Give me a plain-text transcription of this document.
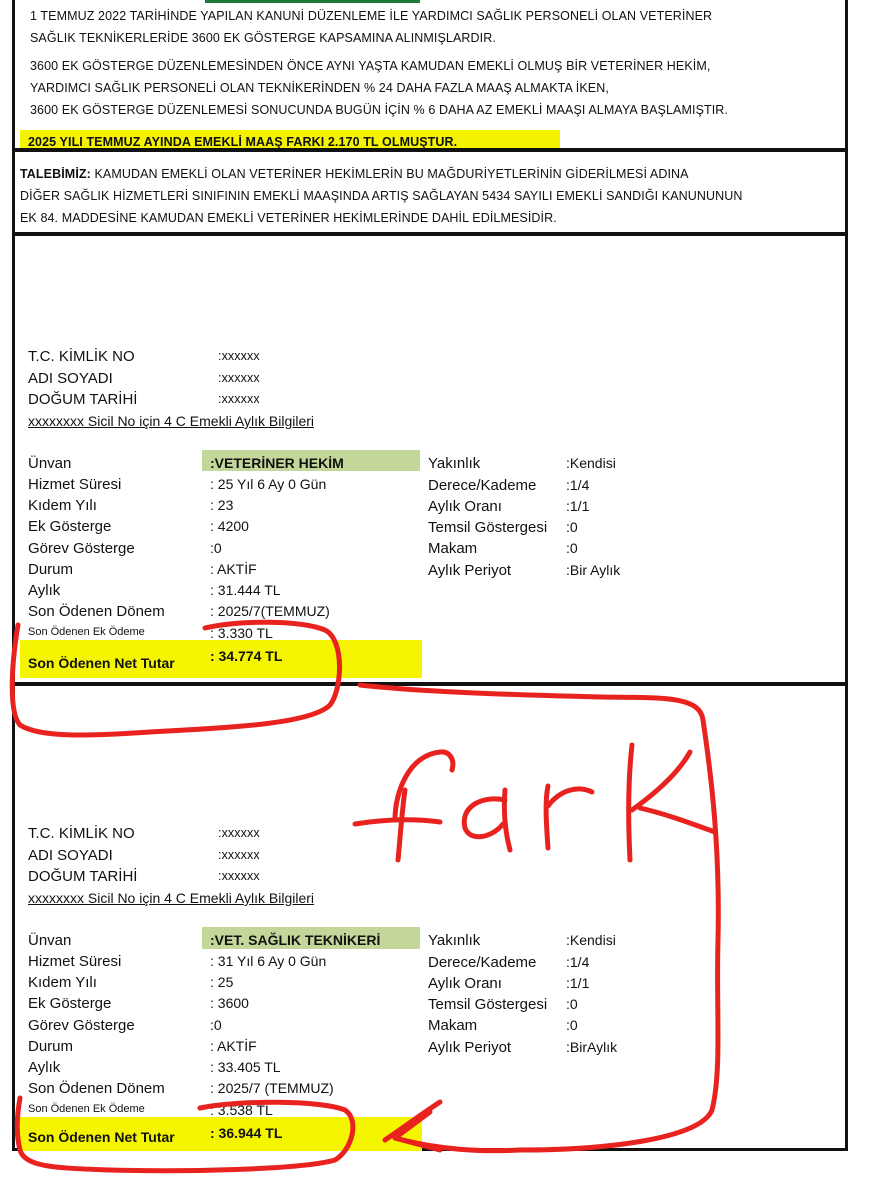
1 TEMMUZ 2022 TARİHİNDE YAPILAN KANUNİ DÜZENLEME İLE YARDIMCI SAĞLIK PERSONELİ OLAN VETERİNER
SAĞLIK TEKNİKERLERİDE 3600 EK GÖSTERGE KAPSAMINA ALINMIŞLARDIR.
3600 EK GÖSTERGE DÜZENLEMESİNDEN ÖNCE AYNI YAŞTA KAMUDAN EMEKLİ OLMUŞ BİR VETERİNER HEKİM,
YARDIMCI SAĞLIK PERSONELİ OLAN TEKNİKERİNDEN % 24 DAHA FAZLA MAAŞ ALMAKTA İKEN,
3600 EK GÖSTERGE DÜZENLEMESİ SONUCUNDA BUGÜN İÇİN % 6 DAHA AZ EMEKLİ MAAŞI ALMAYA BAŞLAMIŞTIR.
2025 YILI TEMMUZ AYINDA EMEKLİ MAAŞ FARKI 2.170 TL OLMUŞTUR.
TALEBİMİZ: KAMUDAN EMEKLİ OLAN VETERİNER HEKİMLERİN BU MAĞDURİYETLERİNİN GİDERİLMESİ ADINA
DİĞER SAĞLIK HİZMETLERİ SINIFININ EMEKLİ MAAŞINDA ARTIŞ SAĞLAYAN 5434 SAYILI EMEKLİ SANDIĞI KANUNUNUN
EK 84. MADDESİNE KAMUDAN EMEKLİ VETERİNER HEKİMLERİNDE DAHİL EDİLMESİDİR.
T.C. KİMLİK NO	:xxxxxx
ADI SOYADI	:xxxxxx
DOĞUM TARİHİ	:xxxxxx
xxxxxxxx Sicil No için 4 C Emekli Aylık Bilgileri
Ünvan	:VETERİNER HEKİM
Hizmet Süresi	: 25 Yıl 6 Ay 0 Gün
Kıdem Yılı	: 23
Ek Gösterge	: 4200
Görev Gösterge	:0
Durum	: AKTİF
Aylık	: 31.444 TL
Son Ödenen Dönem	: 2025/7(TEMMUZ)
Son Ödenen Ek Ödeme	: 3.330 TL
Son Ödenen Net Tutar	: 34.774 TL
Yakınlık	:Kendisi
Derece/Kademe :1/4
Aylık Oranı	:1/1
Temsil Göstergesi :0
Makam	:0
Aylık Periyot	:Bir Aylık
T.C. KİMLİK NO	:xxxxxx
ADI SOYADI	:xxxxxx
DOĞUM TARİHİ	:xxxxxx
xxxxxxxx Sicil No için 4 C Emekli Aylık Bilgileri
Ünvan	:VET. SAĞLIK TEKNİKERİ
Hizmet Süresi	: 31 Yıl 6 Ay 0 Gün
Kıdem Yılı	: 25
Ek Gösterge	: 3600
Görev Gösterge	:0
Durum	: AKTİF
Aylık	: 33.405 TL
Son Ödenen Dönem	: 2025/7 (TEMMUZ)
Son Ödenen Ek Ödeme	: 3.538 TL
Son Ödenen Net Tutar	: 36.944 TL
Yakınlık	:Kendisi
Derece/Kademe :1/4
Aylık Oranı	:1/1
Temsil Göstergesi :0
Makam	:0
Aylık Periyot	:BirAylık
